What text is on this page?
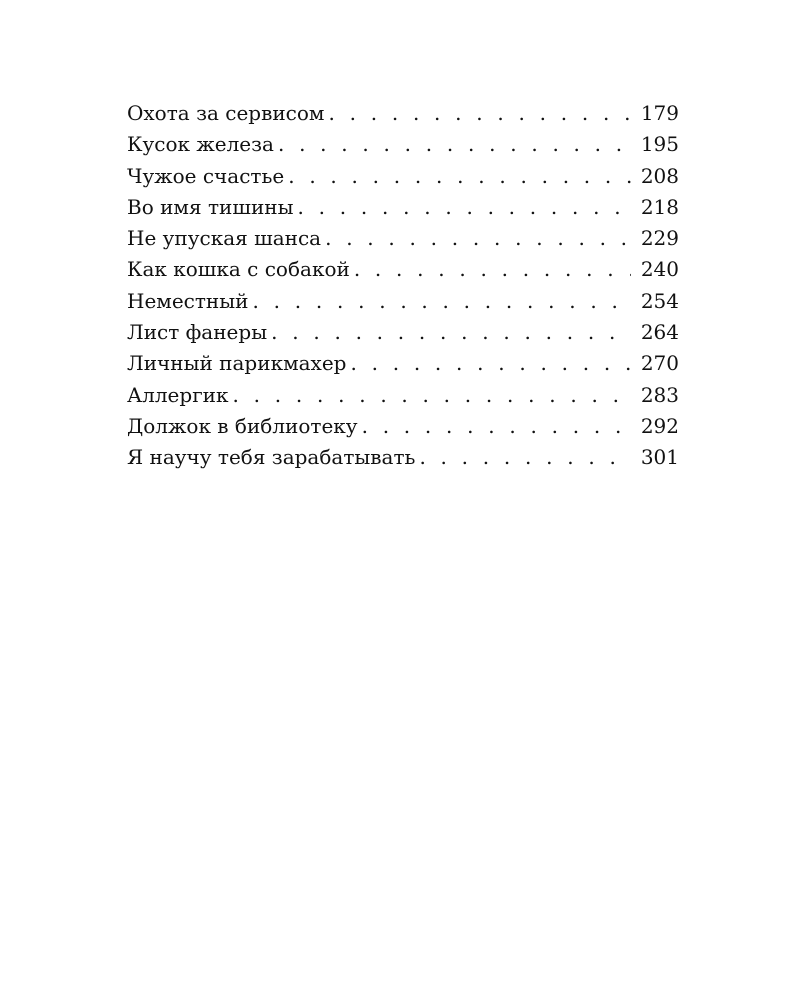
Охота за сервисом . . .	179
Кусок железа . . .	195
Чужое счастье . . .	208
Во имя тишины . . .	218
Не упуская шанса . . .	229
Как кошка с собакой . . .	240
Неместный . . .	254
Лист фанеры . . .	264
Личный парикмахер . . .	270
Аллергик . . .	283
Должок в библиотеку . . .	292
Я научу тебя зарабатывать . . .	301
